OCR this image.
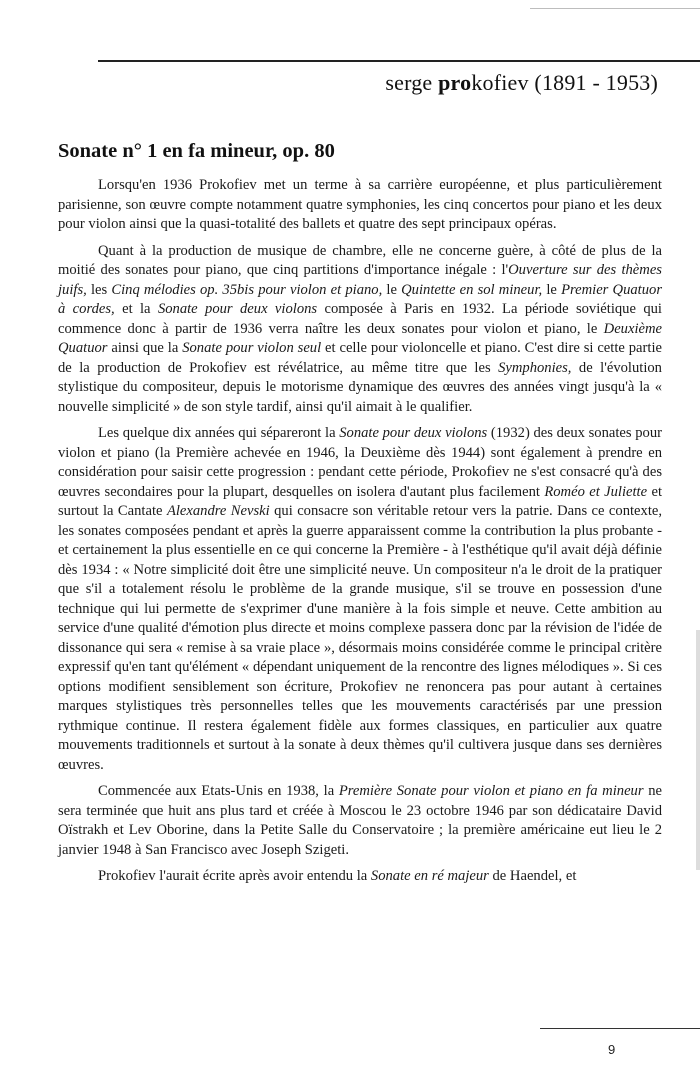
serge prokofiev (1891 - 1953)
Sonate n° 1 en fa mineur, op. 80

Lorsqu'en 1936 Prokofiev met un terme à sa carrière européenne, et plus particulièrement parisienne, son œuvre compte notamment quatre symphonies, les cinq concertos pour piano et les deux pour violon ainsi que la quasi-totalité des ballets et quatre des sept principaux opéras.

Quant à la production de musique de chambre, elle ne concerne guère, à côté de plus de la moitié des sonates pour piano, que cinq partitions d'importance inégale : l'Ouverture sur des thèmes juifs, les Cinq mélodies op. 35bis pour violon et piano, le Quintette en sol mineur, le Premier Quatuor à cordes, et la Sonate pour deux violons composée à Paris en 1932. La période soviétique qui commence donc à partir de 1936 verra naître les deux sonates pour violon et piano, le Deuxième Quatuor ainsi que la Sonate pour violon seul et celle pour violoncelle et piano. C'est dire si cette partie de la production de Prokofiev est révélatrice, au même titre que les Symphonies, de l'évolution stylistique du compositeur, depuis le motorisme dynamique des œuvres des années vingt jusqu'à la « nouvelle simplicité » de son style tardif, ainsi qu'il aimait à le qualifier.

Les quelque dix années qui sépareront la Sonate pour deux violons (1932) des deux sonates pour violon et piano (la Première achevée en 1946, la Deuxième dès 1944) sont également à prendre en considération pour saisir cette progression : pendant cette période, Prokofiev ne s'est consacré qu'à des œuvres secondaires pour la plupart, desquelles on isolera d'autant plus facilement Roméo et Juliette et surtout la Cantate Alexandre Nevski qui consacre son véritable retour vers la patrie. Dans ce contexte, les sonates composées pendant et après la guerre apparaissent comme la contribution la plus probante - et certainement la plus essentielle en ce qui concerne la Première - à l'esthétique qu'il avait déjà définie dès 1934 : « Notre simplicité doit être une simplicité neuve. Un compositeur n'a le droit de la pratiquer que s'il a totalement résolu le problème de la grande musique, s'il se trouve en possession d'une technique qui lui permette de s'exprimer d'une manière à la fois simple et neuve. Cette ambition au service d'une qualité d'émotion plus directe et moins complexe passera donc par la révision de l'idée de dissonance qui sera « remise à sa vraie place », désormais moins considérée comme le principal critère expressif qu'en tant qu'élément « dépendant uniquement de la rencontre des lignes mélodiques ». Si ces options modifient sensiblement son écriture, Prokofiev ne renoncera pas pour autant à certaines marques stylistiques très personnelles telles que les mouvements caractérisés par une pression rythmique continue. Il restera également fidèle aux formes classiques, en particulier aux quatre mouvements traditionnels et surtout à la sonate à deux thèmes qu'il cultivera jusque dans ses dernières œuvres.

Commencée aux Etats-Unis en 1938, la Première Sonate pour violon et piano en fa mineur ne sera terminée que huit ans plus tard et créée à Moscou le 23 octobre 1946 par son dédicataire David Oïstrakh et Lev Oborine, dans la Petite Salle du Conservatoire ; la première américaine eut lieu le 2 janvier 1948 à San Francisco avec Joseph Szigeti.

Prokofiev l'aurait écrite après avoir entendu la Sonate en ré majeur de Haendel, et

9
